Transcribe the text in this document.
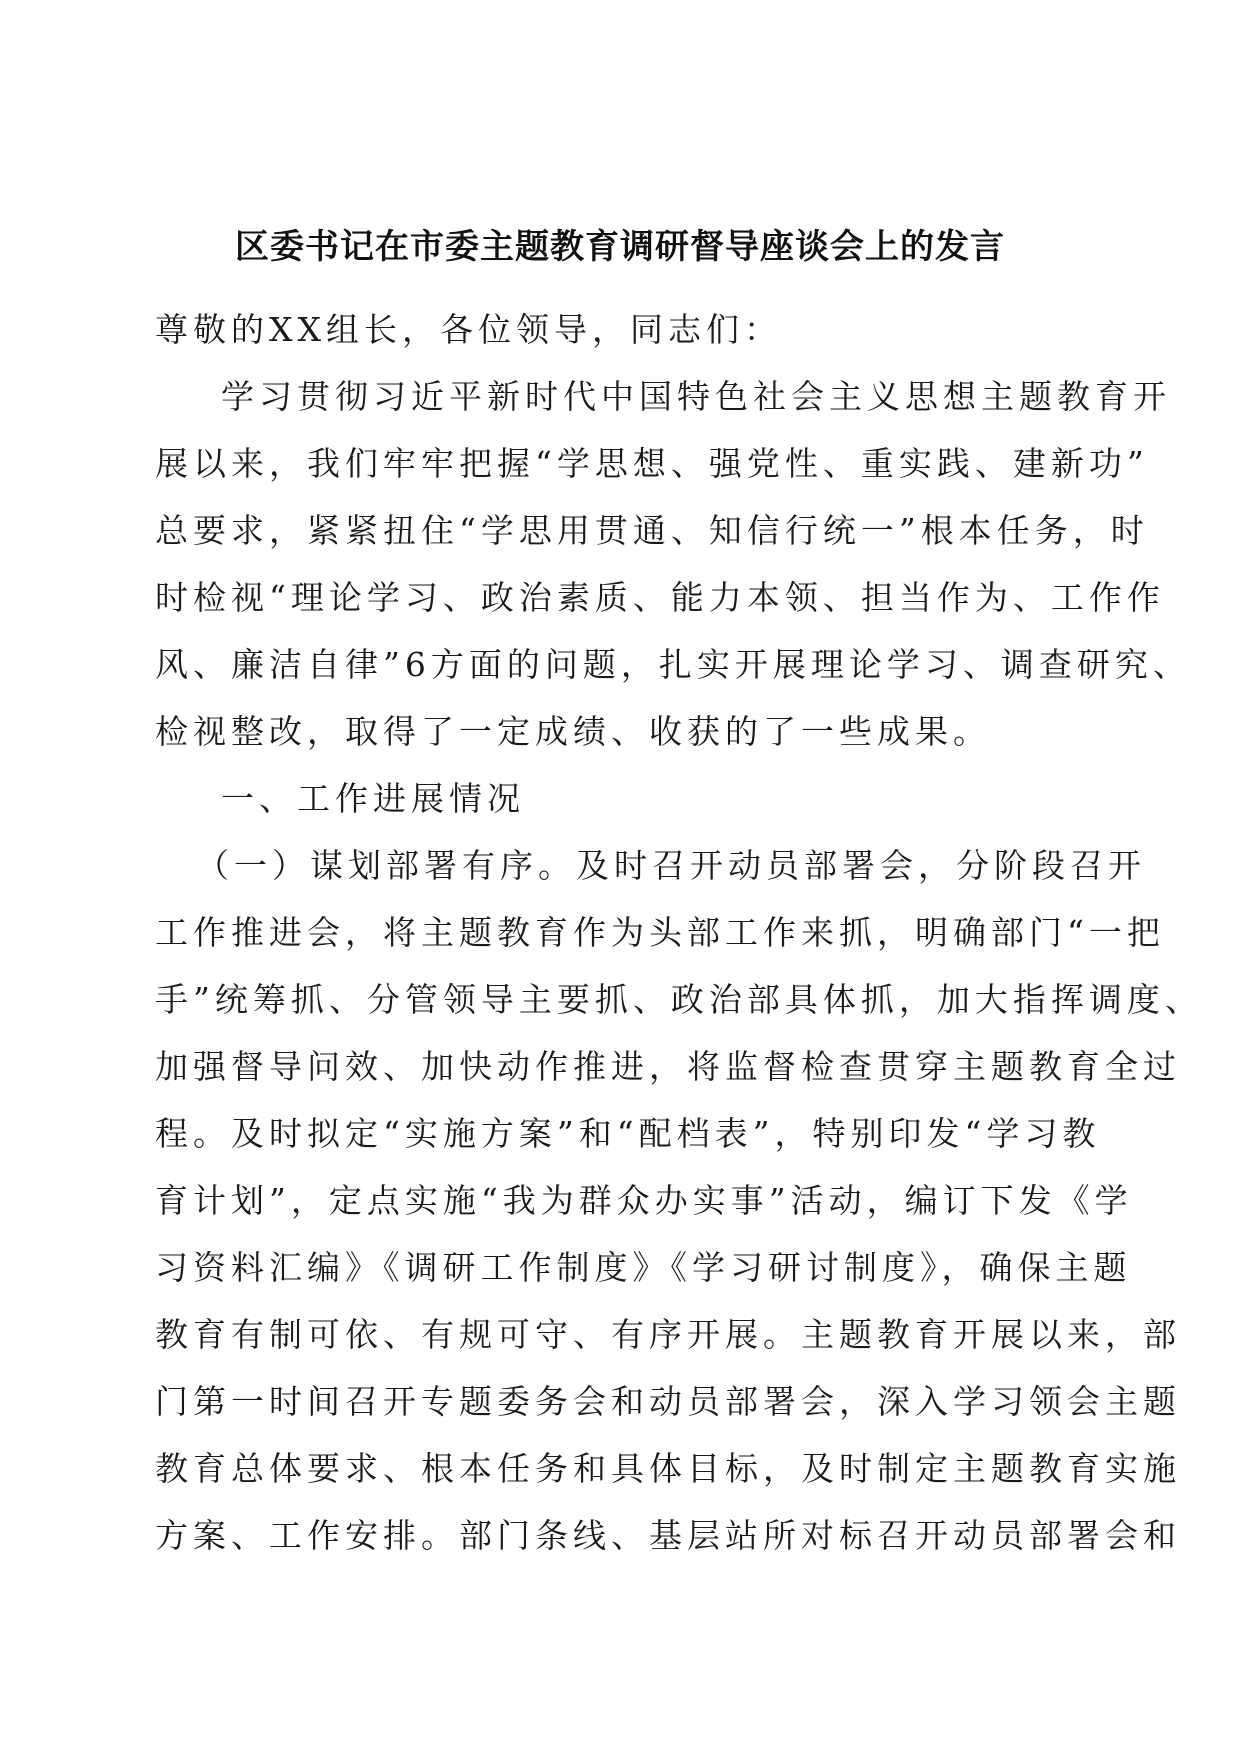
区委书记在市委主题教育调研督导座谈会上的发言
尊敬的XX组长，各位领导，同志们：
学习贯彻习近平新时代中国特色社会主义思想主题教育开
展以来，我们牢牢把握“学思想、强党性、重实践、建新功”
总要求，紧紧扭住“学思用贯通、知信行统一”根本任务，时
时检视“理论学习、政治素质、能力本领、担当作为、工作作
风、廉洁自律”6方面的问题，扎实开展理论学习、调查研究、
检视整改，取得了一定成绩、收获的了一些成果。
一、工作进展情况
（一）谋划部署有序。及时召开动员部署会，分阶段召开
工作推进会，将主题教育作为头部工作来抓，明确部门“一把
手”统筹抓、分管领导主要抓、政治部具体抓，加大指挥调度、
加强督导问效、加快动作推进，将监督检查贯穿主题教育全过
程。及时拟定“实施方案”和“配档表”，特别印发“学习教
育计划”，定点实施“我为群众办实事”活动，编订下发《学
习资料汇编》《调研工作制度》《学习研讨制度》，确保主题
教育有制可依、有规可守、有序开展。主题教育开展以来，部
门第一时间召开专题委务会和动员部署会，深入学习领会主题
教育总体要求、根本任务和具体目标，及时制定主题教育实施
方案、工作安排。部门条线、基层站所对标召开动员部署会和
